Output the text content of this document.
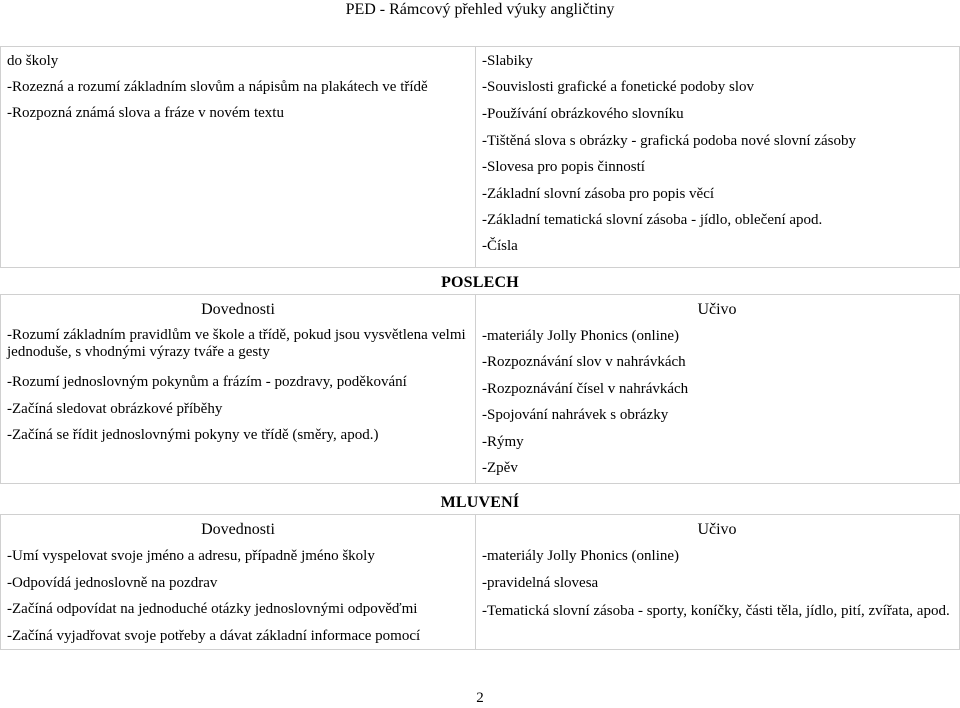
PED - Rámcový přehled výuky angličtiny
do školy
-Rozezná a rozumí základním slovům a nápisům na plakátech ve třídě
-Rozpozná známá slova a fráze v novém textu
-Slabiky
-Souvislosti grafické a fonetické podoby slov
-Používání obrázkového slovníku
-Tištěná slova s obrázky - grafická podoba nové slovní zásoby
-Slovesa pro popis činností
-Základní slovní zásoba pro popis věcí
-Základní tematická slovní zásoba - jídlo, oblečení apod.
-Čísla
POSLECH
Dovednosti
-Rozumí základním pravidlům ve škole a třídě, pokud jsou vysvětlena velmi jednoduše, s vhodnými výrazy tváře a gesty
-Rozumí jednoslovným pokynům a frázím - pozdravy, poděkování
-Začíná sledovat obrázkové příběhy
-Začíná se řídit jednoslovnými pokyny ve třídě (směry, apod.)
Učivo
-materiály Jolly Phonics (online)
-Rozpoznávání slov v nahrávkách
-Rozpoznávání čísel v nahrávkách
-Spojování nahrávek s obrázky
-Rýmy
-Zpěv
MLUVENÍ
Dovednosti
-Umí vyspelovat svoje jméno a adresu, případně jméno školy
-Odpovídá jednoslovně na pozdrav
-Začíná odpovídat na jednoduché otázky jednoslovnými odpověďmi
-Začíná vyjadřovat svoje potřeby a dávat základní informace pomocí
Učivo
-materiály Jolly Phonics (online)
-pravidelná slovesa
-Tematická slovní zásoba - sporty, koníčky, části těla, jídlo, pití, zvířata, apod.
2
